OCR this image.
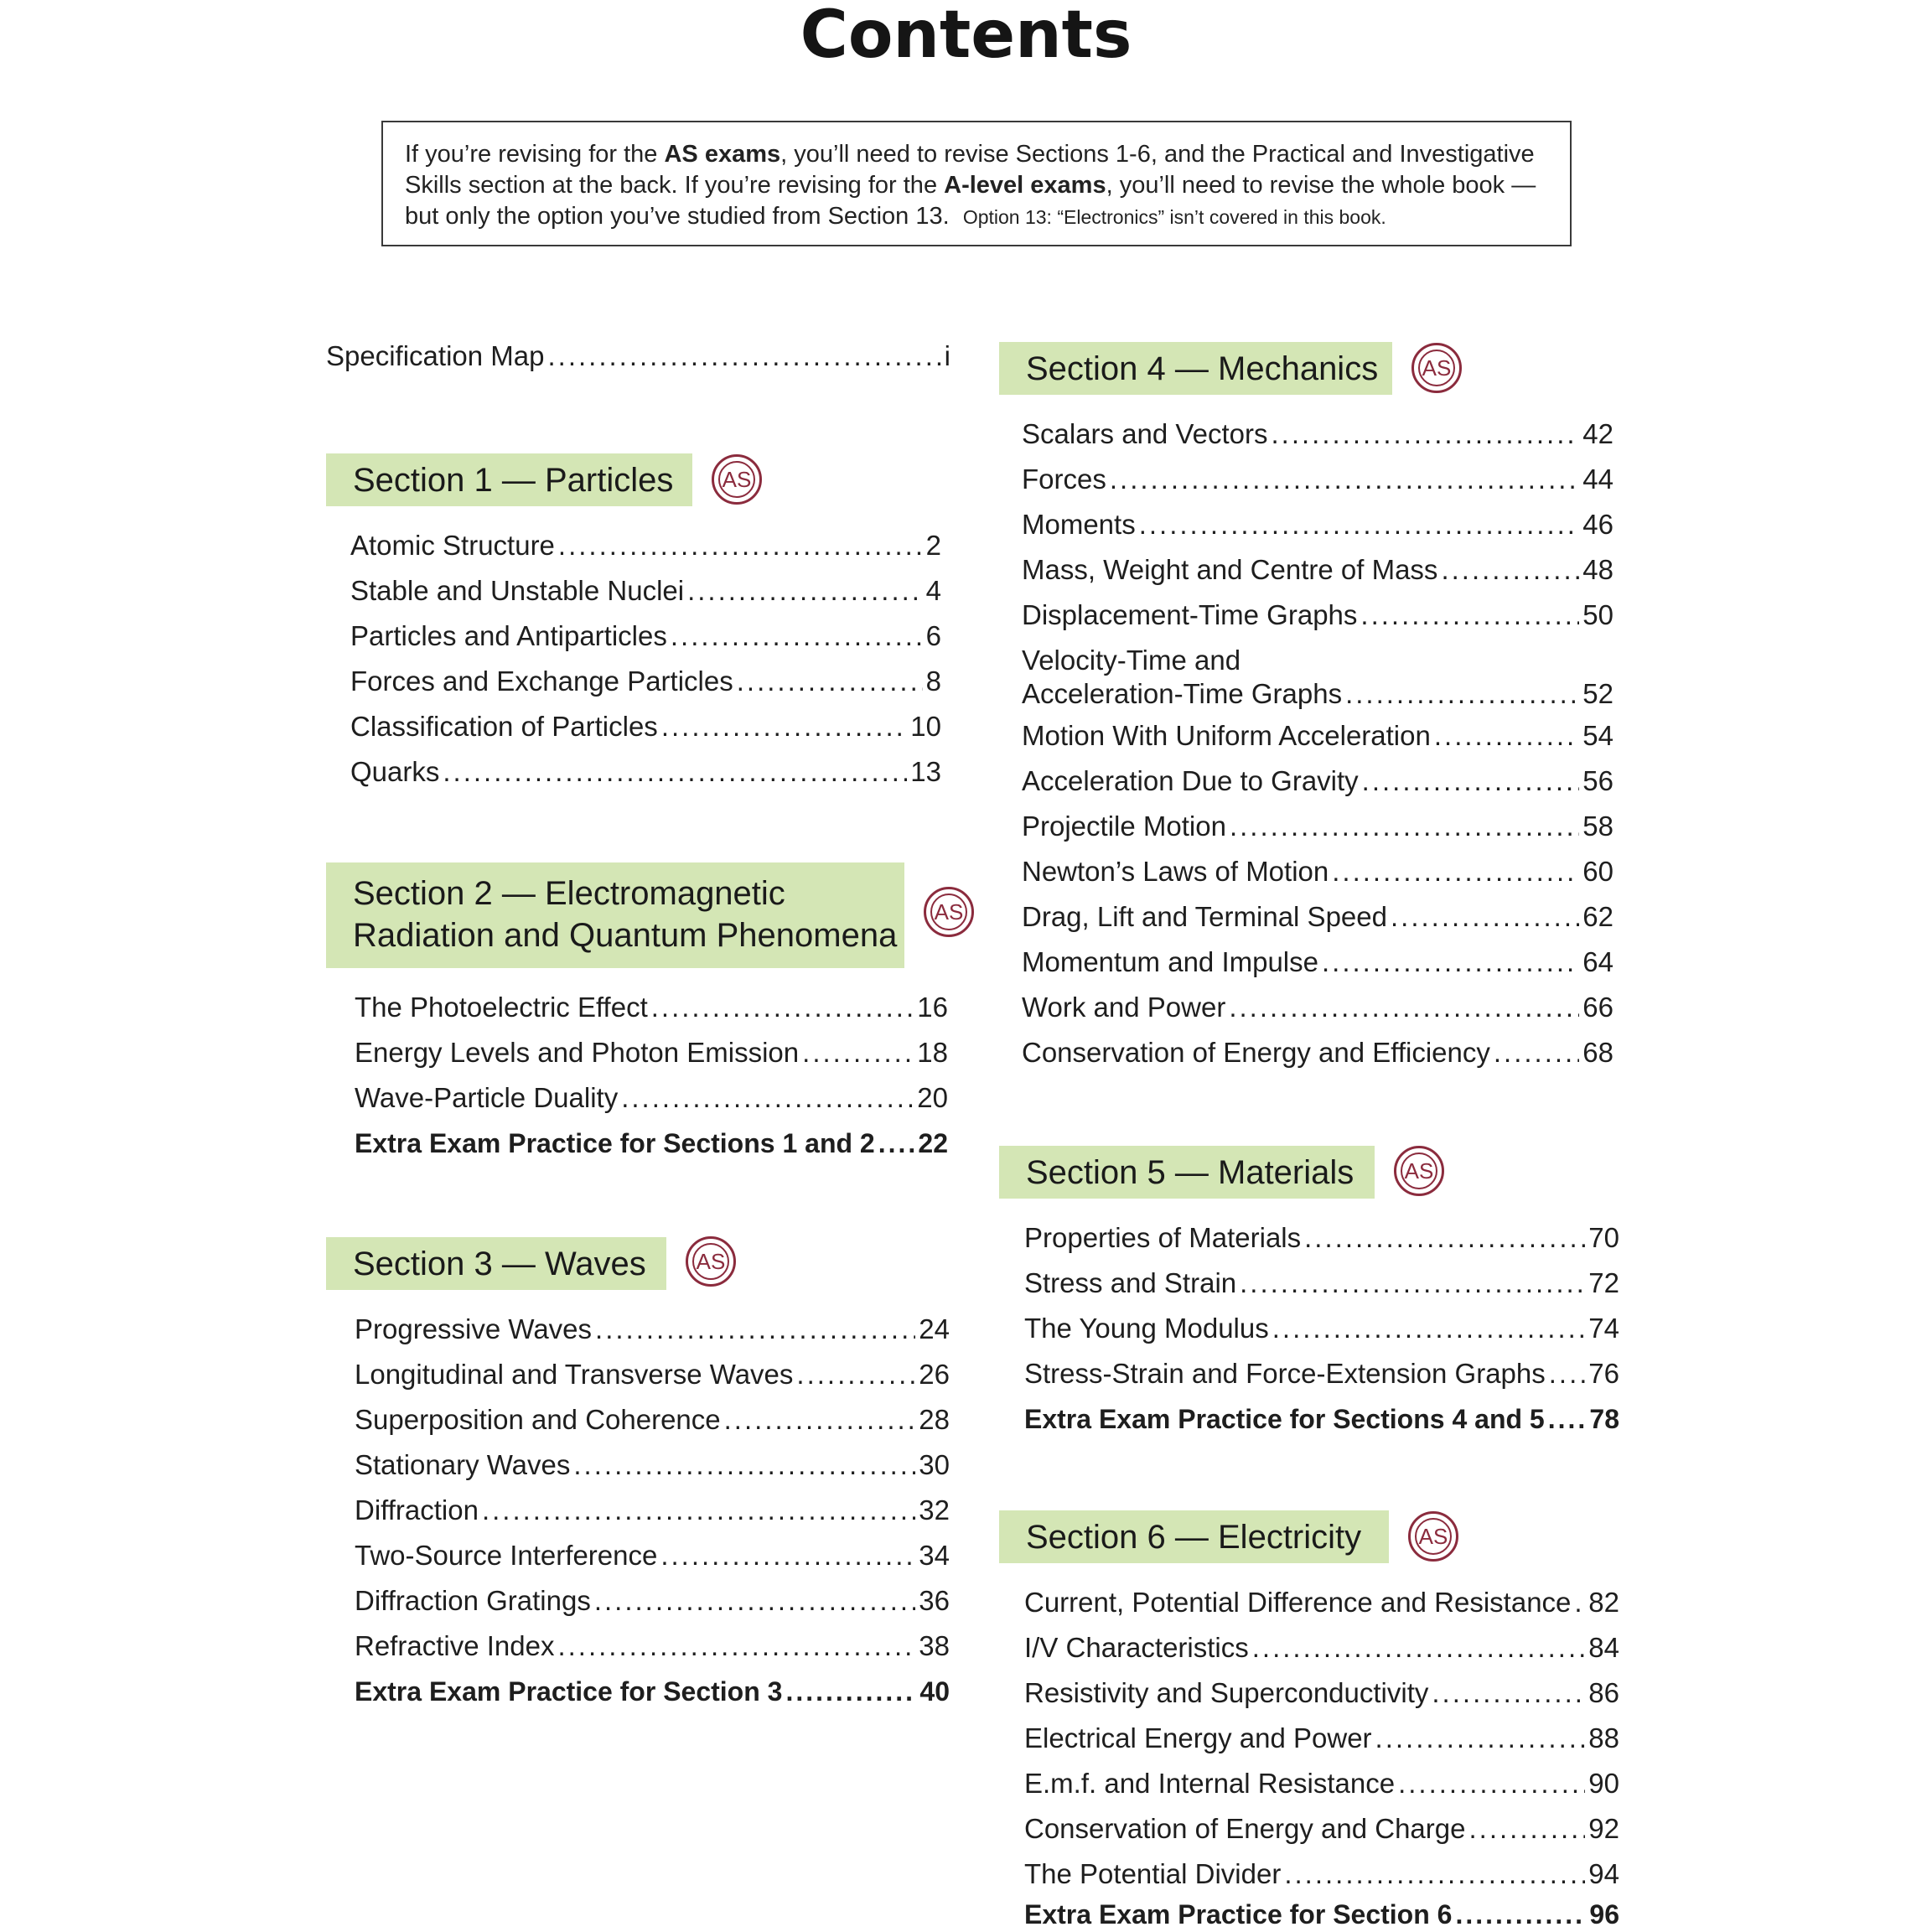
Contents
If you’re revising for the AS exams, you’ll need to revise Sections 1-6, and the Practical and Investigative Skills section at the back. If you’re revising for the A-level exams, you’ll need to revise the whole book — but only the option you’ve studied from Section 13. Option 13: “Electronics” isn’t covered in this book.
Specification Map .....	i
Section 1 — Particles AS
Atomic Structure .....	2
Stable and Unstable Nuclei .....	4
Particles and Antiparticles .....	6
Forces and Exchange Particles .....	8
Classification of Particles .....	10
Quarks .....	13
Section 2 — Electromagnetic
Radiation and Quantum Phenomena
AS
The Photoelectric Effect .....	16
Energy Levels and Photon Emission .....	18
Wave-Particle Duality .....	20
Extra Exam Practice for Sections 1 and 2 ..... 22
Section 3 — Waves AS
Progressive Waves .....	24
Longitudinal and Transverse Waves .....	26
Superposition and Coherence .....	28
Stationary Waves .....	30
Diffraction .....	32
Two-Source Interference .....	34
Diffraction Gratings .....	36
Refractive Index .....	38
Extra Exam Practice for Section 3 .....	40
Section 4 — Mechanics AS
Scalars and Vectors .....	42
Forces .....	44
Moments .....	46
Mass, Weight and Centre of Mass .....	48
Displacement-Time Graphs .....	50
Velocity-Time and
Acceleration-Time Graphs .....	52
Motion With Uniform Acceleration .....	54
Acceleration Due to Gravity .....	56
Projectile Motion .....	58
Newton’s Laws of Motion .....	60
Drag, Lift and Terminal Speed .....	62
Momentum and Impulse .....	64
Work and Power .....	66
Conservation of Energy and Efficiency .....	68
Section 5 — Materials AS
Properties of Materials .....	70
Stress and Strain .....	72
The Young Modulus .....	74
Stress-Strain and Force-Extension Graphs ..... 76
Extra Exam Practice for Sections 4 and 5 ..... 78
Section 6 — Electricity	AS
Current, Potential Difference and Resistance ..... 82
I/V Characteristics .....	84
Resistivity and Superconductivity .....	86
Electrical Energy and Power .....	88
E.m.f. and Internal Resistance .....	90
Conservation of Energy and Charge .....	92
The Potential Divider .....	94
Extra Exam Practice for Section 6 .....	96
